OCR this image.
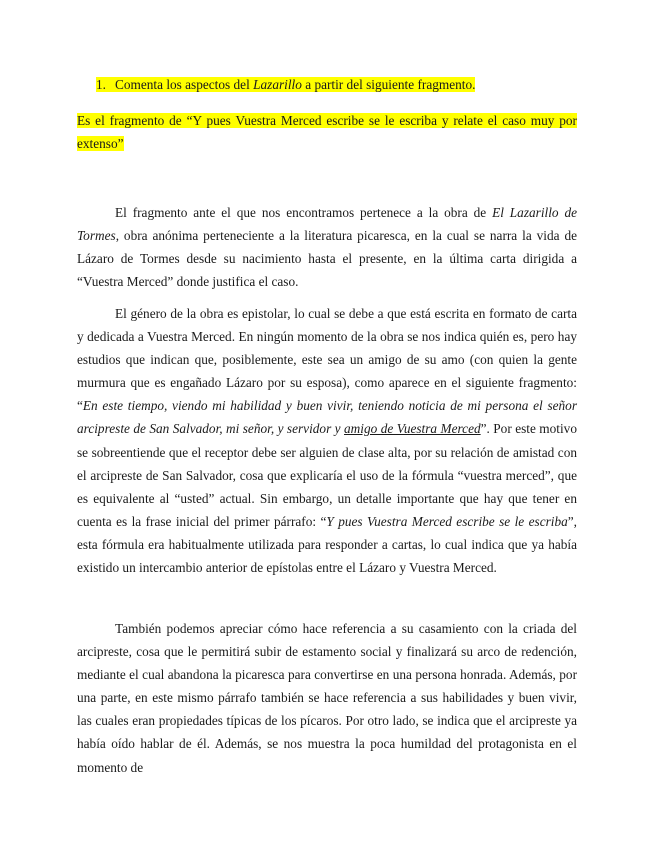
1. Comenta los aspectos del Lazarillo a partir del siguiente fragmento.
Es el fragmento de “Y pues Vuestra Merced escribe se le escriba y relate el caso muy por extenso”
El fragmento ante el que nos encontramos pertenece a la obra de El Lazarillo de Tormes, obra anónima perteneciente a la literatura picaresca, en la cual se narra la vida de Lázaro de Tormes desde su nacimiento hasta el presente, en la última carta dirigida a “Vuestra Merced” donde justifica el caso.
El género de la obra es epistolar, lo cual se debe a que está escrita en formato de carta y dedicada a Vuestra Merced. En ningún momento de la obra se nos indica quién es, pero hay estudios que indican que, posiblemente, este sea un amigo de su amo (con quien la gente murmura que es engañado Lázaro por su esposa), como aparece en el siguiente fragmento: “En este tiempo, viendo mi habilidad y buen vivir, teniendo noticia de mi persona el señor arcipreste de San Salvador, mi señor, y servidor y amigo de Vuestra Merced”. Por este motivo se sobreentiende que el receptor debe ser alguien de clase alta, por su relación de amistad con el arcipreste de San Salvador, cosa que explicaría el uso de la fórmula “vuestra merced”, que es equivalente al “usted” actual. Sin embargo, un detalle importante que hay que tener en cuenta es la frase inicial del primer párrafo: “Y pues Vuestra Merced escribe se le escriba”, esta fórmula era habitualmente utilizada para responder a cartas, lo cual indica que ya había existido un intercambio anterior de epístolas entre el Lázaro y Vuestra Merced.
También podemos apreciar cómo hace referencia a su casamiento con la criada del arcipreste, cosa que le permitirá subir de estamento social y finalizará su arco de redención, mediante el cual abandona la picaresca para convertirse en una persona honrada. Además, por una parte, en este mismo párrafo también se hace referencia a sus habilidades y buen vivir, las cuales eran propiedades típicas de los pícaros. Por otro lado, se indica que el arcipreste ya había oído hablar de él. Además, se nos muestra la poca humildad del protagonista en el momento de
